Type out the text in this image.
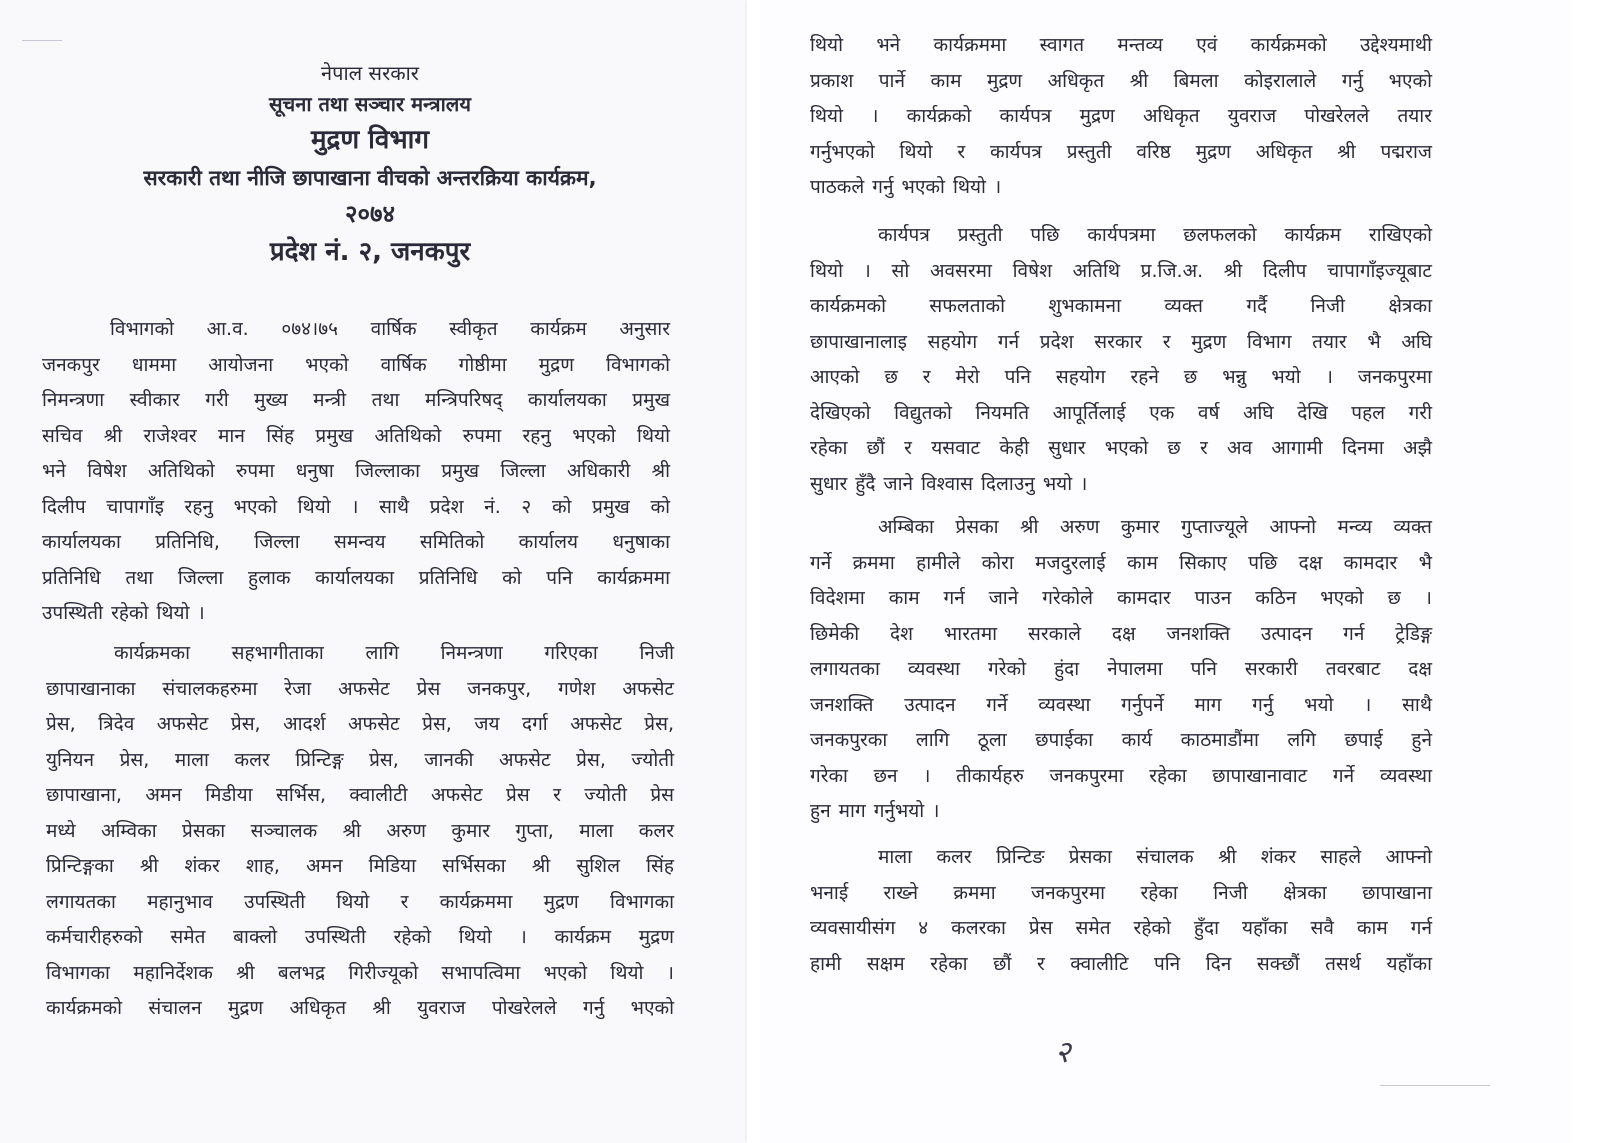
नेपाल सरकार
सूचना तथा सञ्चार मन्त्रालय
मुद्रण विभाग
सरकारी तथा नीजि छापाखाना वीचको अन्तरक्रिया कार्यक्रम,
२०७४
प्रदेश नं. २, जनकपुर
विभागको आ.व. ०७४।७५ वार्षिक स्वीकृत कार्यक्रम अनुसार
जनकपुर धाममा आयोजना भएको वार्षिक गोष्ठीमा मुद्रण विभागको
निमन्त्रणा स्वीकार गरी मुख्य मन्त्री तथा मन्त्रिपरिषद् कार्यालयका प्रमुख
सचिव श्री राजेश्वर मान सिंह प्रमुख अतिथिको रुपमा रहनु भएको थियो
भने विषेश अतिथिको रुपमा धनुषा जिल्लाका प्रमुख जिल्ला अधिकारी श्री
दिलीप चापागाँइ रहनु भएको थियो । साथै प्रदेश नं. २ को प्रमुख को
कार्यालयका प्रतिनिधि, जिल्ला समन्वय समितिको कार्यालय धनुषाका
प्रतिनिधि तथा जिल्ला हुलाक कार्यालयका प्रतिनिधि को पनि कार्यक्रममा
उपस्थिती रहेको थियो ।
कार्यक्रमका सहभागीताका लागि निमन्त्रणा गरिएका निजी
छापाखानाका संचालकहरुमा रेजा अफसेट प्रेस जनकपुर, गणेश अफसेट
प्रेस, त्रिदेव अफसेट प्रेस, आदर्श अफसेट प्रेस, जय दर्गा अफसेट प्रेस,
युनियन प्रेस, माला कलर प्रिन्टिङ्ग प्रेस, जानकी अफसेट प्रेस, ज्योती
छापाखाना, अमन मिडीया सर्भिस, क्वालीटी अफसेट प्रेस र ज्योती प्रेस
मध्ये अम्विका प्रेसका सञ्चालक श्री अरुण कुमार गुप्ता, माला कलर
प्रिन्टिङ्गका श्री शंकर शाह, अमन मिडिया सर्भिसका श्री सुशिल सिंह
लगायतका महानुभाव उपस्थिती थियो र कार्यक्रममा मुद्रण विभागका
कर्मचारीहरुको समेत बाक्लो उपस्थिती रहेको थियो । कार्यक्रम मुद्रण
विभागका महानिर्देशक श्री बलभद्र गिरीज्यूको सभापत्विमा भएको थियो ।
कार्यक्रमको संचालन मुद्रण अधिकृत श्री युवराज पोखरेलले गर्नु भएको
थियो भने कार्यक्रममा स्वागत मन्तव्य एवं कार्यक्रमको उद्देश्यमाथी
प्रकाश पार्ने काम मुद्रण अधिकृत श्री बिमला कोइरालाले गर्नु भएको
थियो । कार्यक्रको कार्यपत्र मुद्रण अधिकृत युवराज पोखरेलले तयार
गर्नुभएको थियो र कार्यपत्र प्रस्तुती वरिष्ठ मुद्रण अधिकृत श्री पद्मराज
पाठकले गर्नु भएको थियो ।
कार्यपत्र प्रस्तुती पछि कार्यपत्रमा छलफलको कार्यक्रम राखिएको
थियो । सो अवसरमा विषेश अतिथि प्र.जि.अ. श्री दिलीप चापागाँइज्यूबाट
कार्यक्रमको सफलताको शुभकामना व्यक्त गर्दै निजी क्षेत्रका
छापाखानालाइ सहयोग गर्न प्रदेश सरकार र मुद्रण विभाग तयार भै अघि
आएको छ र मेरो पनि सहयोग रहने छ भन्नु भयो । जनकपुरमा
देखिएको विद्युतको नियमति आपूर्तिलाई एक वर्ष अघि देखि पहल गरी
रहेका छौं र यसवाट केही सुधार भएको छ र अव आगामी दिनमा अझै
सुधार हुँदै जाने विश्वास दिलाउनु भयो ।
अम्बिका प्रेसका श्री अरुण कुमार गुप्ताज्यूले आफ्नो मन्व्य व्यक्त
गर्ने क्रममा हामीले कोरा मजदुरलाई काम सिकाए पछि दक्ष कामदार भै
विदेशमा काम गर्न जाने गरेकोले कामदार पाउन कठिन भएको छ ।
छिमेकी देश भारतमा सरकाले दक्ष जनशक्ति उत्पादन गर्न ट्रेडिङ्ग
लगायतका व्यवस्था गरेको हुंदा नेपालमा पनि सरकारी तवरबाट दक्ष
जनशक्ति उत्पादन गर्ने व्यवस्था गर्नुपर्ने माग गर्नु भयो । साथै
जनकपुरका लागि ठूला छपाईका कार्य काठमाडौंमा लगि छपाई हुने
गरेका छन । तीकार्यहरु जनकपुरमा रहेका छापाखानावाट गर्ने व्यवस्था
हुन माग गर्नुभयो ।
माला कलर प्रिन्टिङ प्रेसका संचालक श्री शंकर साहले आफ्नो
भनाई राख्ने क्रममा जनकपुरमा रहेका निजी क्षेत्रका छापाखाना
व्यवसायीसंग ४ कलरका प्रेस समेत रहेको हुँदा यहाँका सवै काम गर्न
हामी सक्षम रहेका छौं र क्वालीटि पनि दिन सक्छौं तसर्थ यहाँका
२
